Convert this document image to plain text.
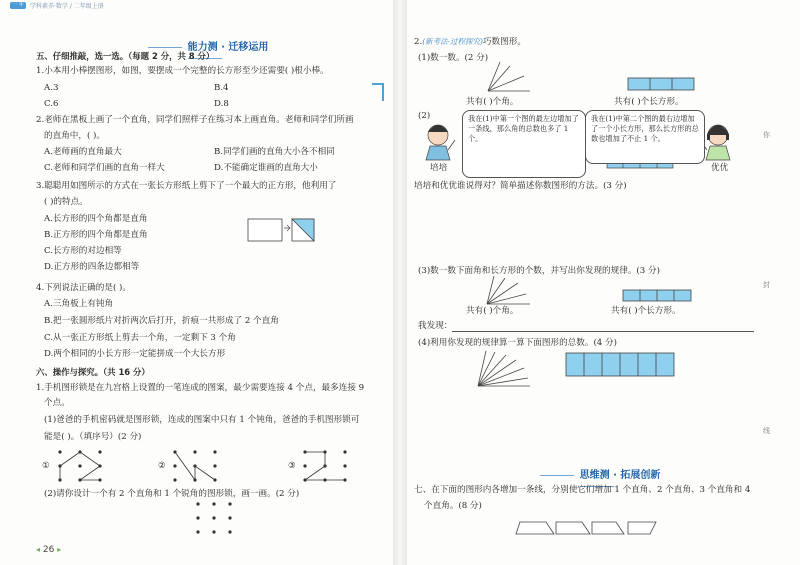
一 年	学科素养·数学 / 二年级上册
能力测 · 迁移运用
五、仔细推敲，选一选。（每题 2 分，共 8 分）
1.小本用小棒摆图形，如图，要摆成一个完整的长方形至少还需要( )根小棒。
A.3	B.4
C.6	D.8
2.老师在黑板上画了一个直角，同学们照样子在练习本上画直角。老师和同学们所画
的直角中，( )。
A.老师画的直角最大	B.同学们画的直角大小各不相同
C.老师和同学们画的直角一样大	D.不能确定谁画的直角大小
3.聪聪用如图所示的方式在一张长方形纸上剪下了一个最大的正方形，他利用了
( )的特点。
A.长方形的四个角都是直角
B.正方形的四个角都是直角
C.长方形的对边相等
D.正方形的四条边都相等
4.下列说法正确的是( )。
A.三角板上有钝角
B.把一张圆形纸片对折两次后打开，折痕一共形成了 2 个直角
C.从一张正方形纸上剪去一个角，一定剩下 3 个角
D.两个相同的小长方形一定能拼成一个大长方形
六、操作与探究。（共 16 分）
1.手机图形锁是在九宫格上设置的一笔连成的图案，最少需要连接 4 个点，最多连接 9
个点。
(1)爸爸的手机密码就是图形锁，连成的图案中只有 1 个钝角，爸爸的手机图形锁可
能是( )。（填序号）(2 分)
①	②	③
(2)请你设计一个有 2 个直角和 1 个锐角的图形锁，画一画。(2 分)
◂ 26 ▸
2.(新考法·过程探究)巧数图形。
(1)数一数。(2 分)
共有( )个角。	共有( )个长方形。
(2)	我在(1)中第一个图的最左边增加了一条线，那么角的总数也多了 1 个。
我在(1)中第二个图的最右边增加了一个小长方形，那么长方形的总数也增加了不止 1 个。
培培	优优
培培和优优谁说得对？简单描述你数图形的方法。(3 分)
(3)数一数下面角和长方形的个数，并写出你发现的规律。(3 分)
共有( )个角。	共有( )个长方形。
我发现：
(4)利用你发现的规律算一算下面图形的总数。(4 分)
思维测 · 拓展创新
七、在下面的图形内各增加一条线，分别使它们增加 1 个直角、2 个直角、3 个直角和 4
个直角。(8 分)
你
封
线
